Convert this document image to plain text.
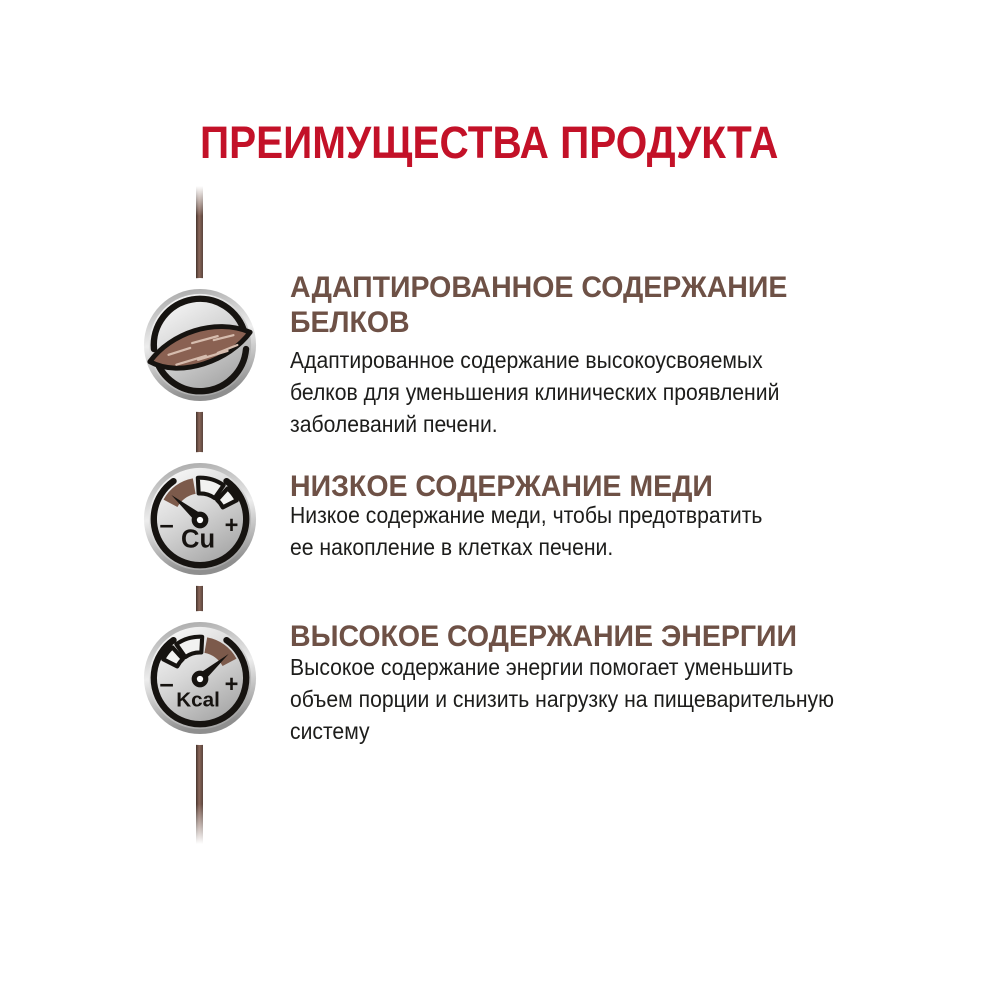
ПРЕИМУЩЕСТВА ПРОДУКТА
– +
Cu
– +
Kcal
АДАПТИРОВАННОЕ СОДЕРЖАНИЕ
БЕЛКОВ
Адаптированное содержание высокоусвояемых
белков для уменьшения клинических проявлений
заболеваний печени.
НИЗКОЕ СОДЕРЖАНИЕ МЕДИ
Низкое содержание меди, чтобы предотвратить
ее накопление в клетках печени.
ВЫСОКОЕ СОДЕРЖАНИЕ ЭНЕРГИИ
Высокое содержание энергии помогает уменьшить
объем порции и снизить нагрузку на пищеварительную
систему
